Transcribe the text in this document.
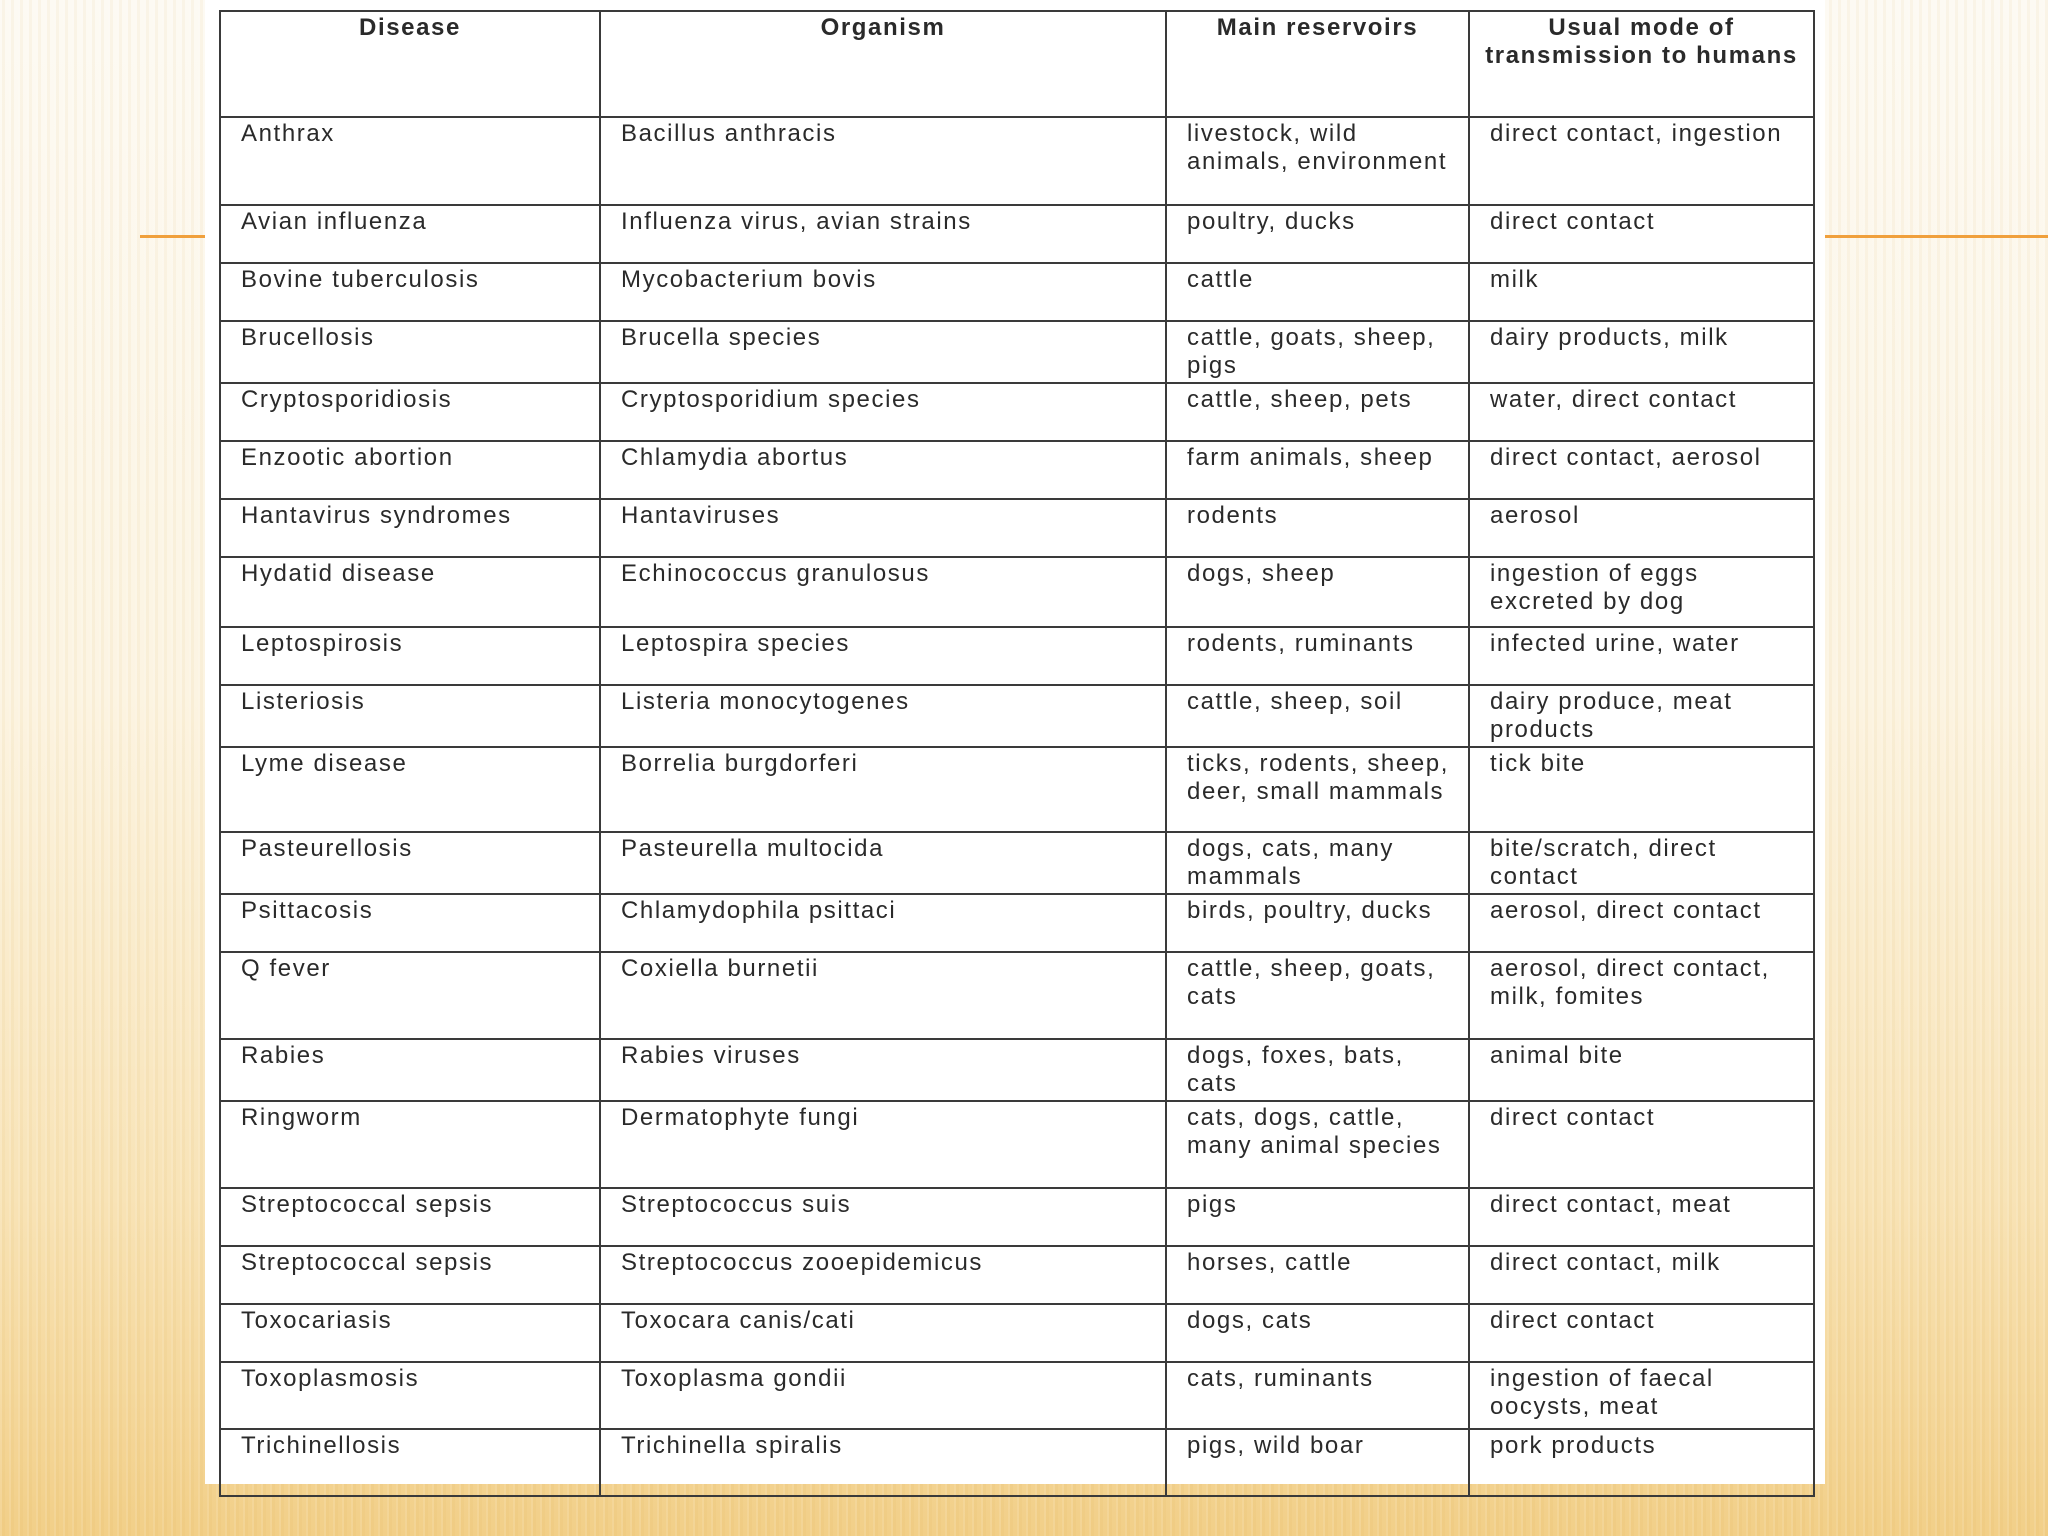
Disease	Organism	Main reservoirs	Usual mode of transmission to humans
Anthrax	Bacillus anthracis	livestock, wild animals, environment	direct contact, ingestion
Avian influenza	Influenza virus, avian strains	poultry, ducks	direct contact
Bovine tuberculosis	Mycobacterium bovis	cattle	milk
Brucellosis	Brucella species	cattle, goats, sheep, pigs	dairy products, milk
Cryptosporidiosis	Cryptosporidium species	cattle, sheep, pets	water, direct contact
Enzootic abortion	Chlamydia abortus	farm animals, sheep	direct contact, aerosol
Hantavirus syndromes	Hantaviruses	rodents	aerosol
Hydatid disease	Echinococcus granulosus	dogs, sheep	ingestion of eggs excreted by dog
Leptospirosis	Leptospira species	rodents, ruminants	infected urine, water
Listeriosis	Listeria monocytogenes	cattle, sheep, soil	dairy produce, meat products
Lyme disease	Borrelia burgdorferi	ticks, rodents, sheep, deer, small mammals	tick bite
Pasteurellosis	Pasteurella multocida	dogs, cats, many mammals	bite/scratch, direct contact
Psittacosis	Chlamydophila psittaci	birds, poultry, ducks	aerosol, direct contact
Q fever	Coxiella burnetii	cattle, sheep, goats, cats	aerosol, direct contact, milk, fomites
Rabies	Rabies viruses	dogs, foxes, bats, cats	animal bite
Ringworm	Dermatophyte fungi	cats, dogs, cattle, many animal species	direct contact
Streptococcal sepsis	Streptococcus suis	pigs	direct contact, meat
Streptococcal sepsis	Streptococcus zooepidemicus	horses, cattle	direct contact, milk
Toxocariasis	Toxocara canis/cati	dogs, cats	direct contact
Toxoplasmosis	Toxoplasma gondii	cats, ruminants	ingestion of faecal oocysts, meat
Trichinellosis	Trichinella spiralis	pigs, wild boar	pork products
